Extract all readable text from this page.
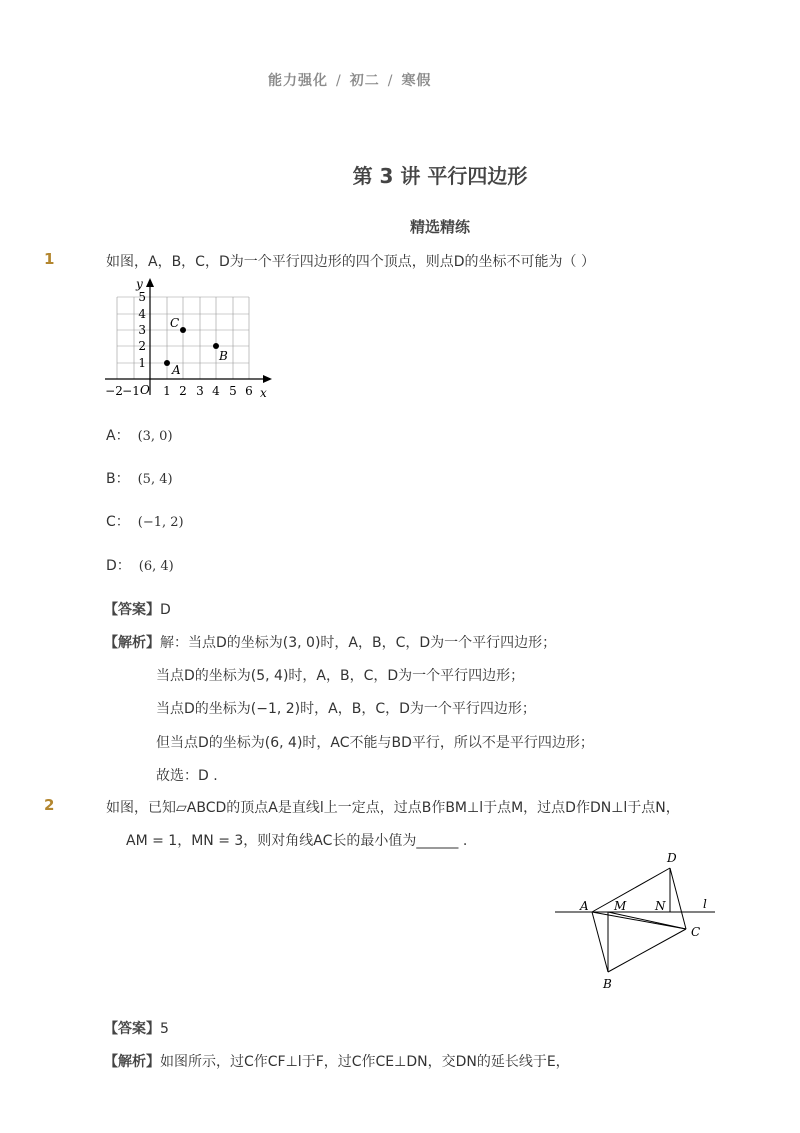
能力强化 / 初二 / 寒假
第 3 讲 平行四边形
精选精练
1	如图，A，B，C，D为一个平行四边形的四个顶点，则点D的坐标不可能为（ ）
y
x
O
−2 −1 1 2 3 4 5 6
1
2
3
4
5
A
B
C
A： (3, 0)
B： (5, 4)
C： (−1, 2)
D： (6, 4)
【答案】D
【解析】解：当点D的坐标为(3, 0)时，A，B，C，D为一个平行四边形；
当点D的坐标为(5, 4)时，A，B，C，D为一个平行四边形；
当点D的坐标为(−1, 2)时，A，B，C，D为一个平行四边形；
但当点D的坐标为(6, 4)时，AC不能与BD平行，所以不是平行四边形；
故选：D .
2	如图，已知▱ABCD的顶点A是直线l上一定点，过点B作BM⊥l于点M，过点D作DN⊥l于点N，
AM = 1，MN = 3，则对角线AC长的最小值为______ .
A M N	l
D
C
B
【答案】5
【解析】如图所示，过C作CF⊥l于F，过C作CE⊥DN，交DN的延长线于E，
